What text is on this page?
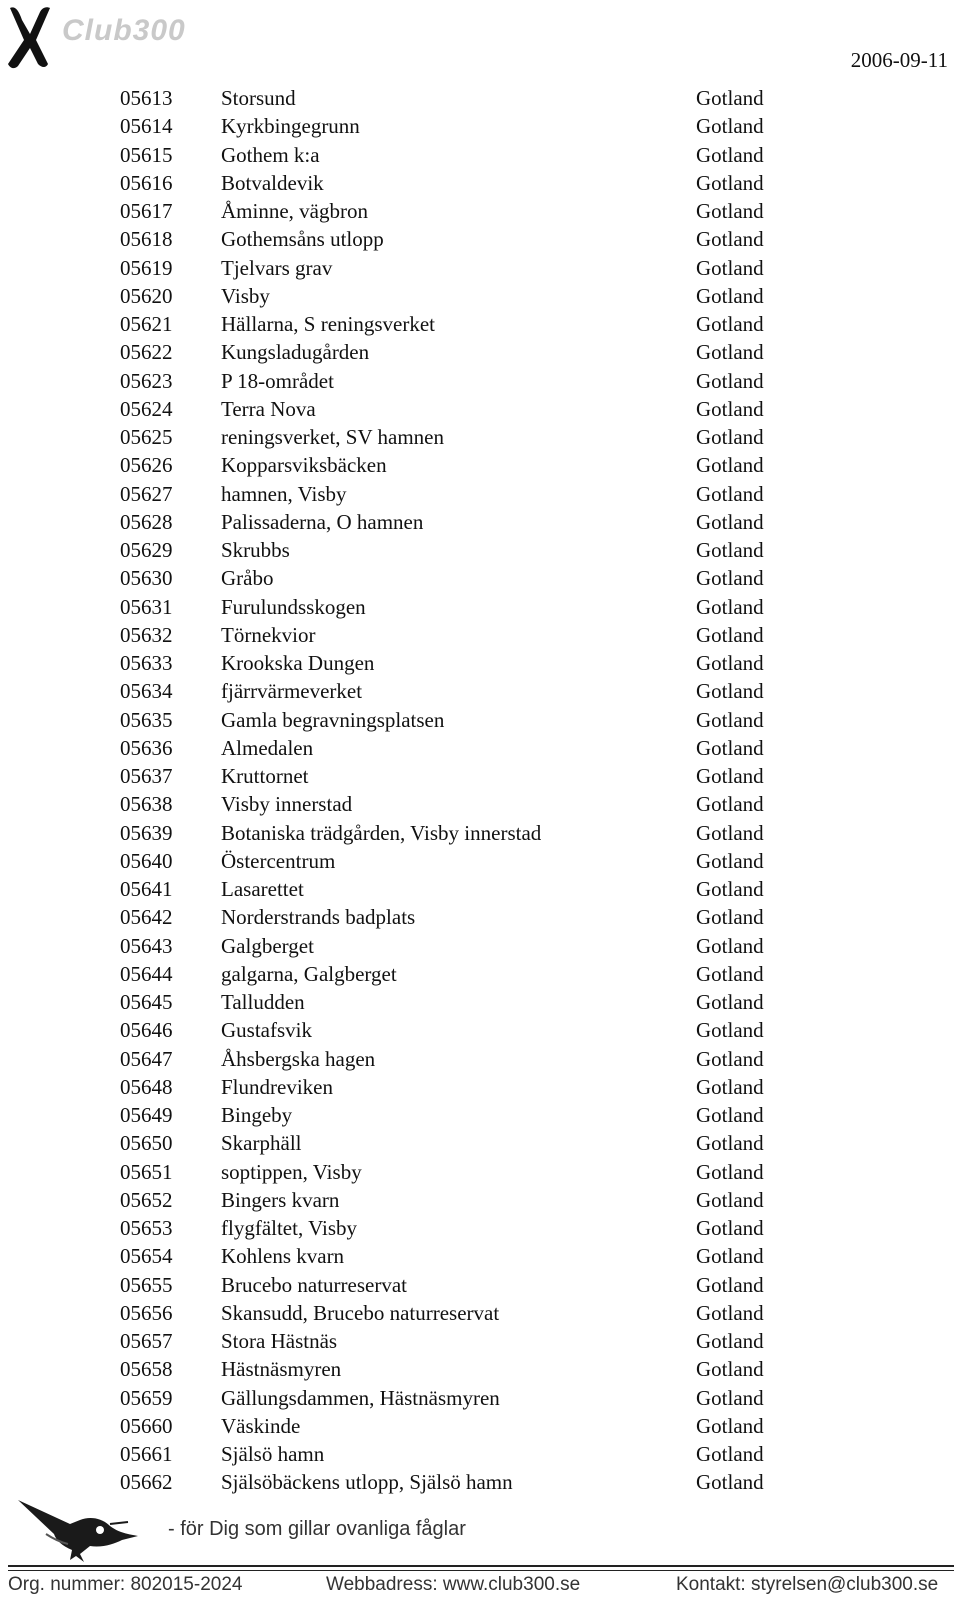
Club300
2006-09-11
05613 Storsund	Gotland
05614 Kyrkbingegrunn	Gotland
05615 Gothem k:a	Gotland
05616 Botvaldevik	Gotland
05617 Åminne, vägbron	Gotland
05618 Gothemsåns utlopp	Gotland
05619 Tjelvars grav	Gotland
05620 Visby	Gotland
05621 Hällarna, S reningsverket	Gotland
05622 Kungsladugården	Gotland
05623 P 18-området	Gotland
05624 Terra Nova	Gotland
05625 reningsverket, SV hamnen	Gotland
05626 Kopparsviksbäcken	Gotland
05627 hamnen, Visby	Gotland
05628 Palissaderna, O hamnen	Gotland
05629 Skrubbs	Gotland
05630 Gråbo	Gotland
05631 Furulundsskogen	Gotland
05632 Törnekvior	Gotland
05633 Krookska Dungen	Gotland
05634 fjärrvärmeverket	Gotland
05635 Gamla begravningsplatsen	Gotland
05636 Almedalen	Gotland
05637 Kruttornet	Gotland
05638 Visby innerstad	Gotland
05639 Botaniska trädgården, Visby innerstad	Gotland
05640 Östercentrum	Gotland
05641 Lasarettet	Gotland
05642 Norderstrands badplats	Gotland
05643 Galgberget	Gotland
05644 galgarna, Galgberget	Gotland
05645 Talludden	Gotland
05646 Gustafsvik	Gotland
05647 Åhsbergska hagen	Gotland
05648 Flundreviken	Gotland
05649 Bingeby	Gotland
05650 Skarphäll	Gotland
05651 soptippen, Visby	Gotland
05652 Bingers kvarn	Gotland
05653 flygfältet, Visby	Gotland
05654 Kohlens kvarn	Gotland
05655 Brucebo naturreservat	Gotland
05656 Skansudd, Brucebo naturreservat	Gotland
05657 Stora Hästnäs	Gotland
05658 Hästnäsmyren	Gotland
05659 Gällungsdammen, Hästnäsmyren	Gotland
05660 Väskinde	Gotland
05661 Själsö hamn	Gotland
05662 Själsöbäckens utlopp, Själsö hamn	Gotland
- för Dig som gillar ovanliga fåglar
Org. nummer: 802015-2024	Webbadress: www.club300.se	Kontakt: styrelsen@club300.se
